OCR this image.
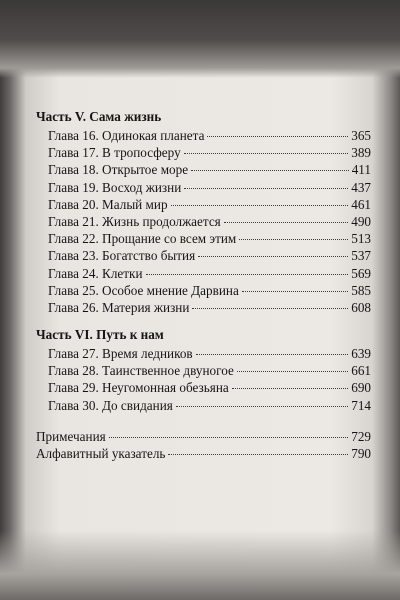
Часть V. Сама жизнь
Глава 16. Одинокая планета	365
Глава 17. В тропосферу	389
Глава 18. Открытое море	411
Глава 19. Восход жизни	437
Глава 20. Малый мир	461
Глава 21. Жизнь продолжается	490
Глава 22. Прощание со всем этим	513
Глава 23. Богатство бытия	537
Глава 24. Клетки	569
Глава 25. Особое мнение Дарвина	585
Глава 26. Материя жизни	608
Часть VI. Путь к нам
Глава 27. Время ледников	639
Глава 28. Таинственное двуногое	661
Глава 29. Неугомонная обезьяна	690
Глава 30. До свидания	714
Примечания	729
Алфавитный указатель	790
